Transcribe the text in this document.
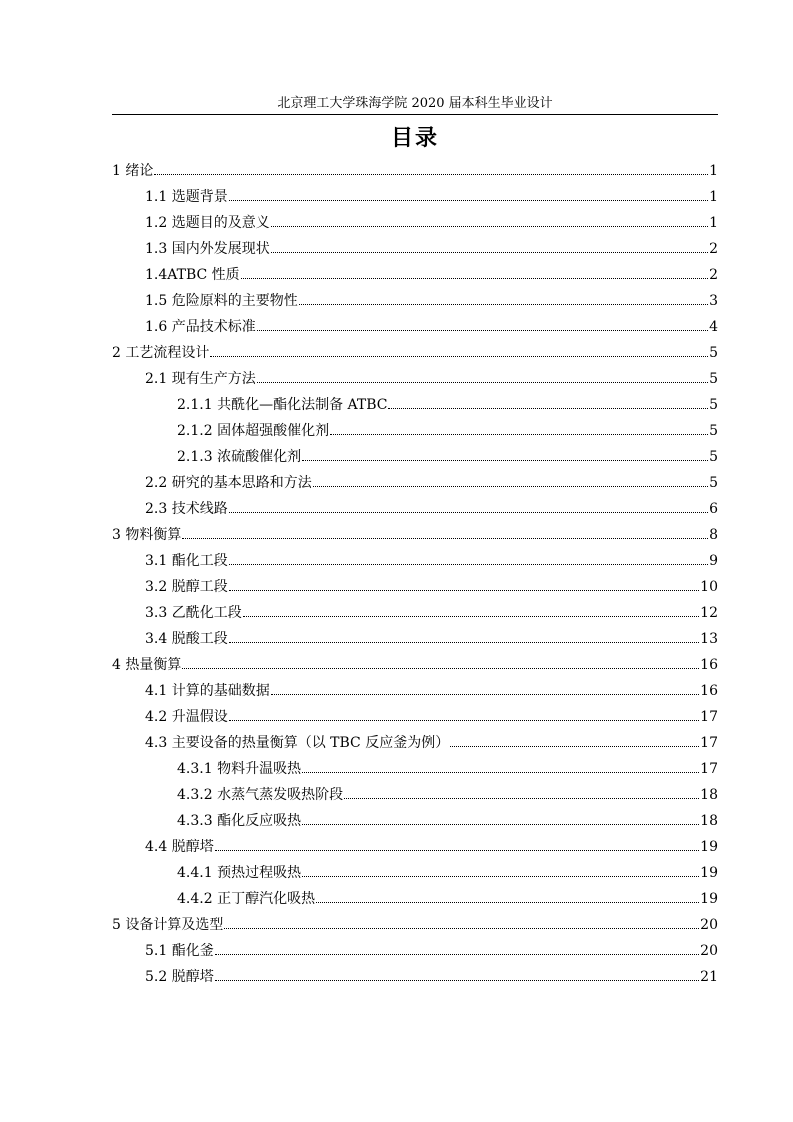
北京理工大学珠海学院 2020 届本科生毕业设计
目录
1 绪论	1
1.1 选题背景	1
1.2 选题目的及意义	1
1.3 国内外发展现状	2
1.4ATBC 性质	2
1.5 危险原料的主要物性	3
1.6 产品技术标准	4
2 工艺流程设计	5
2.1 现有生产方法	5
2.1.1 共酰化—酯化法制备 ATBC	5
2.1.2 固体超强酸催化剂	5
2.1.3 浓硫酸催化剂	5
2.2 研究的基本思路和方法	5
2.3 技术线路	6
3 物料衡算	8
3.1 酯化工段	9
3.2 脱醇工段	10
3.3 乙酰化工段	12
3.4 脱酸工段	13
4 热量衡算	16
4.1 计算的基础数据	16
4.2 升温假设	17
4.3 主要设备的热量衡算（以 TBC 反应釜为例）	17
4.3.1 物料升温吸热	17
4.3.2 水蒸气蒸发吸热阶段	18
4.3.3 酯化反应吸热	18
4.4 脱醇塔	19
4.4.1 预热过程吸热	19
4.4.2 正丁醇汽化吸热	19
5 设备计算及选型	20
5.1 酯化釜	20
5.2 脱醇塔	21
